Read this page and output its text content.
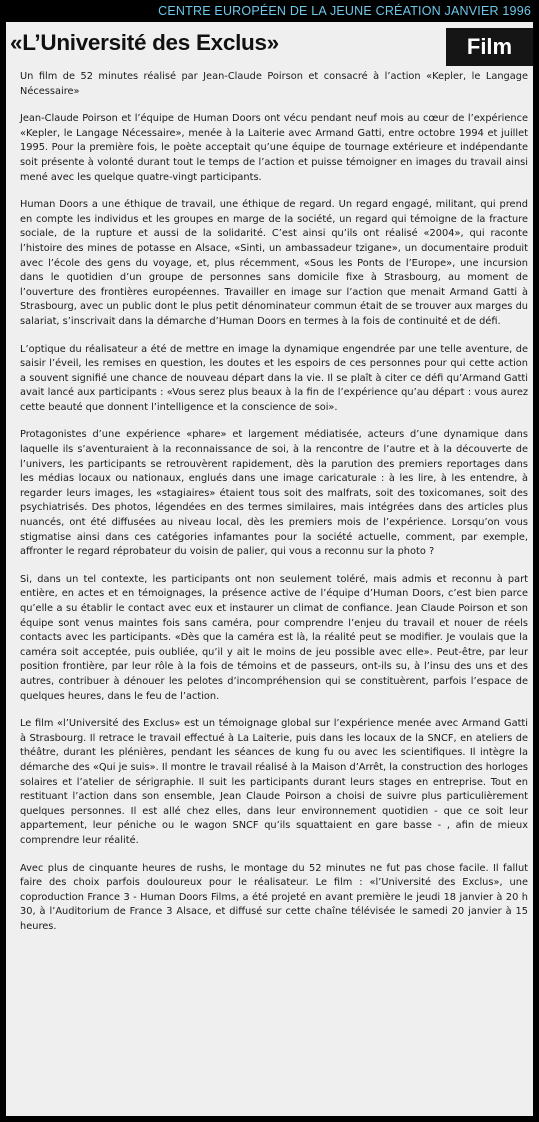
CENTRE EUROPÉEN DE LA JEUNE CRÉATION JANVIER 1996
«L’Université des Exclus»	Film

Un film de 52 minutes réalisé par Jean-Claude Poirson et consacré à l’action «Kepler, le Langage Nécessaire»

Jean-Claude Poirson et l’équipe de Human Doors ont vécu pendant neuf mois au cœur de l’expérience «Kepler, le Langage Nécessaire», menée à la Laiterie avec Armand Gatti, entre octobre 1994 et juillet 1995. Pour la première fois, le poète acceptait qu’une équipe de tournage extérieure et indépendante soit présente à volonté durant tout le temps de l’action et puisse témoigner en images du travail ainsi mené avec les quelque quatre-vingt participants.

Human Doors a une éthique de travail, une éthique de regard. Un regard engagé, militant, qui prend en compte les individus et les groupes en marge de la société, un regard qui témoigne de la fracture sociale, de la rupture et aussi de la solidarité. C’est ainsi qu’ils ont réalisé «2004», qui raconte l’histoire des mines de potasse en Alsace, «Sinti, un ambassadeur tzigane», un documentaire produit avec l’école des gens du voyage, et, plus récemment, «Sous les Ponts de l’Europe», une incursion dans le quotidien d’un groupe de personnes sans domicile fixe à Strasbourg, au moment de l’ouverture des frontières européennes. Travailler en image sur l’action que menait Armand Gatti à Strasbourg, avec un public dont le plus petit dénominateur commun était de se trouver aux marges du salariat, s’inscrivait dans la démarche d’Human Doors en termes à la fois de continuité et de défi.

L’optique du réalisateur a été de mettre en image la dynamique engendrée par une telle aventure, de saisir l’éveil, les remises en question, les doutes et les espoirs de ces personnes pour qui cette action a souvent signifié une chance de nouveau départ dans la vie. Il se plaît à citer ce défi qu’Armand Gatti avait lancé aux participants : «Vous serez plus beaux à la fin de l’expérience qu’au départ : vous aurez cette beauté que donnent l’intelligence et la conscience de soi».

Protagonistes d’une expérience «phare» et largement médiatisée, acteurs d’une dynamique dans laquelle ils s’aventuraient à la reconnaissance de soi, à la rencontre de l’autre et à la découverte de l’univers, les participants se retrouvèrent rapidement, dès la parution des premiers reportages dans les médias locaux ou nationaux, englués dans une image caricaturale : à les lire, à les entendre, à regarder leurs images, les «stagiaires» étaient tous soit des malfrats, soit des toxicomanes, soit des psychiatrisés. Des photos, légendées en des termes similaires, mais intégrées dans des articles plus nuancés, ont été diffusées au niveau local, dès les premiers mois de l’expérience. Lorsqu’on vous stigmatise ainsi dans ces catégories infamantes pour la société actuelle, comment, par exemple, affronter le regard réprobateur du voisin de palier, qui vous a reconnu sur la photo ?

Si, dans un tel contexte, les participants ont non seulement toléré, mais admis et reconnu à part entière, en actes et en témoignages, la présence active de l’équipe d’Human Doors, c’est bien parce qu’elle a su établir le contact avec eux et instaurer un climat de confiance. Jean Claude Poirson et son équipe sont venus maintes fois sans caméra, pour comprendre l’enjeu du travail et nouer de réels contacts avec les participants. «Dès que la caméra est là, la réalité peut se modifier. Je voulais que la caméra soit acceptée, puis oubliée, qu’il y ait le moins de jeu possible avec elle». Peut-être, par leur position frontière, par leur rôle à la fois de témoins et de passeurs, ont-ils su, à l’insu des uns et des autres, contribuer à dénouer les pelotes d’incompréhension qui se constituèrent, parfois l’espace de quelques heures, dans le feu de l’action.

Le film «l’Université des Exclus» est un témoignage global sur l’expérience menée avec Armand Gatti à Strasbourg. Il retrace le travail effectué à La Laiterie, puis dans les locaux de la SNCF, en ateliers de théâtre, durant les plénières, pendant les séances de kung fu ou avec les scientifiques. Il intègre la démarche des «Qui je suis». Il montre le travail réalisé à la Maison d’Arrêt, la construction des horloges solaires et l’atelier de sérigraphie. Il suit les participants durant leurs stages en entreprise. Tout en restituant l’action dans son ensemble, Jean Claude Poirson a choisi de suivre plus particulièrement quelques personnes. Il est allé chez elles, dans leur environnement quotidien - que ce soit leur appartement, leur péniche ou le wagon SNCF qu’ils squattaient en gare basse - , afin de mieux comprendre leur réalité.

Avec plus de cinquante heures de rushs, le montage du 52 minutes ne fut pas chose facile. Il fallut faire des choix parfois douloureux pour le réalisateur. Le film : «l’Université des Exclus», une coproduction France 3 - Human Doors Films, a été projeté en avant première le jeudi 18 janvier à 20 h 30, à l’Auditorium de France 3 Alsace, et diffusé sur cette chaîne télévisée le samedi 20 janvier à 15 heures.
